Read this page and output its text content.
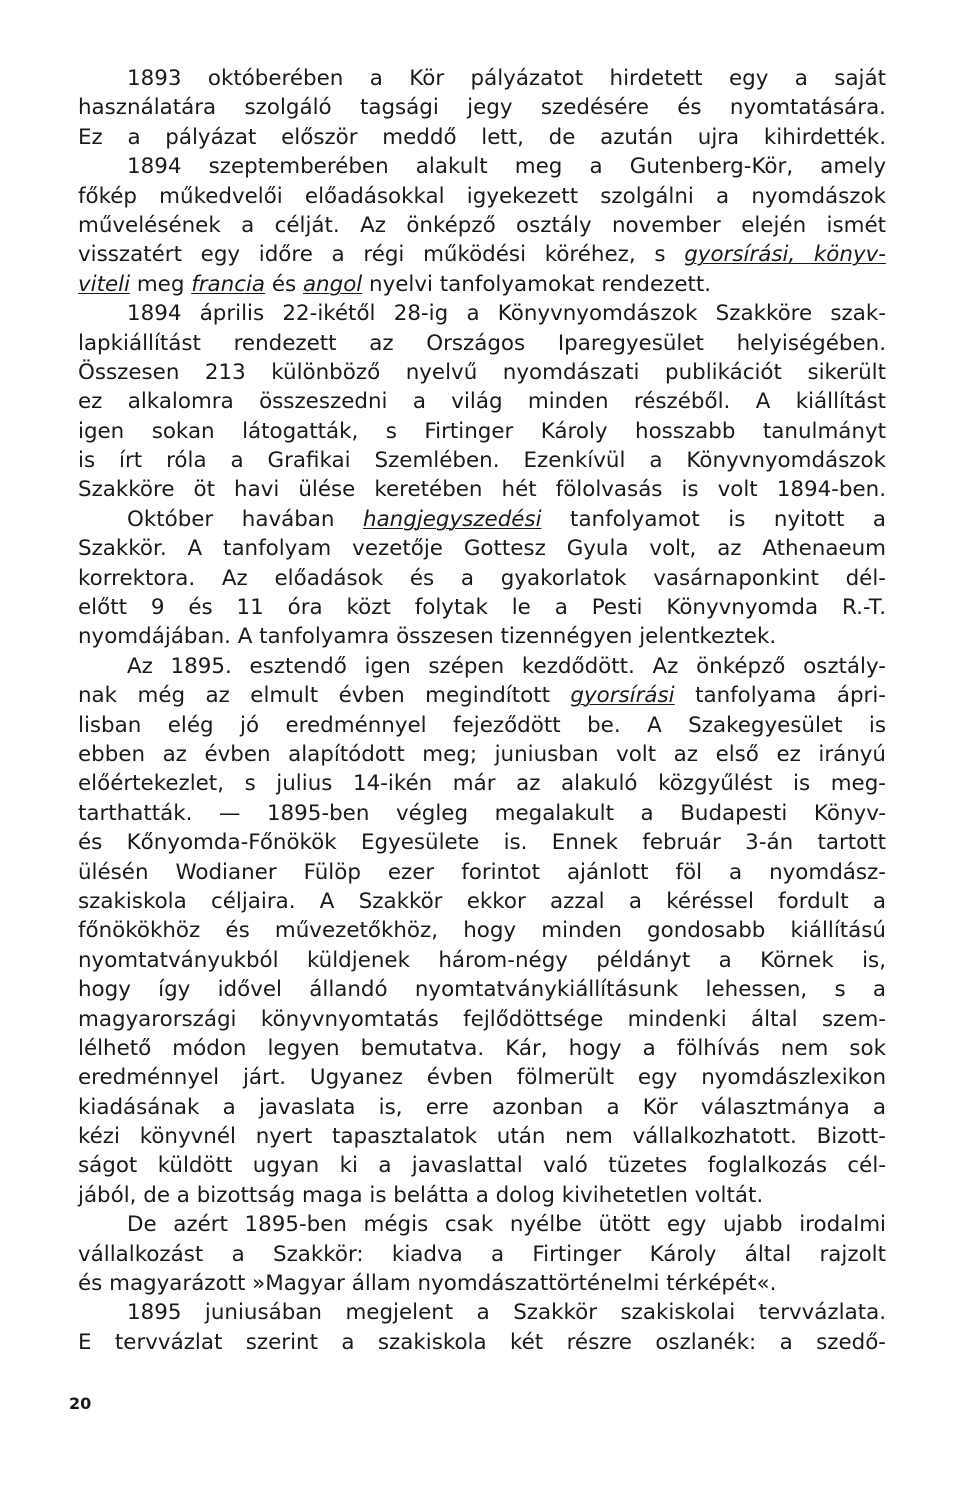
1893 októberében a Kör pályázatot hirdetett egy a saját
használatára szolgáló tagsági jegy szedésére és nyomtatására.
Ez a pályázat először meddő lett, de azután ujra kihirdették.
1894 szeptemberében alakult meg a Gutenberg-Kör, amely
főkép műkedvelői előadásokkal igyekezett szolgálni a nyomdászok
művelésének a célját. Az önképző osztály november elején ismét
visszatért egy időre a régi működési köréhez, s gyorsírási, könyv-
viteli meg francia és angol nyelvi tanfolyamokat rendezett.
1894 április 22-ikétől 28-ig a Könyvnyomdászok Szakköre szak-
lapkiállítást rendezett az Országos Iparegyesület helyiségében.
Összesen 213 különböző nyelvű nyomdászati publikációt sikerült
ez alkalomra összeszedni a világ minden részéből. A kiállítást
igen sokan látogatták, s Firtinger Károly hosszabb tanulmányt
is írt róla a Grafikai Szemlében. Ezenkívül a Könyvnyomdászok
Szakköre öt havi ülése keretében hét fölolvasás is volt 1894-ben.
Október havában hangjegyszedési tanfolyamot is nyitott a
Szakkör. A tanfolyam vezetője Gottesz Gyula volt, az Athenaeum
korrektora. Az előadások és a gyakorlatok vasárnaponkint dél-
előtt 9 és 11 óra közt folytak le a Pesti Könyvnyomda R.-T.
nyomdájában. A tanfolyamra összesen tizennégyen jelentkeztek.
Az 1895. esztendő igen szépen kezdődött. Az önképző osztály-
nak még az elmult évben megindított gyorsírási tanfolyama ápri-
lisban elég jó eredménnyel fejeződött be. A Szakegyesület is
ebben az évben alapítódott meg; juniusban volt az első ez irányú
előértekezlet, s julius 14-ikén már az alakuló közgyűlést is meg-
tarthatták. — 1895-ben végleg megalakult a Budapesti Könyv-
és Kőnyomda-Főnökök Egyesülete is. Ennek február 3-án tartott
ülésén Wodianer Fülöp ezer forintot ajánlott föl a nyomdász-
szakiskola céljaira. A Szakkör ekkor azzal a kéréssel fordult a
főnökökhöz és művezetőkhöz, hogy minden gondosabb kiállítású
nyomtatványukból küldjenek három-négy példányt a Körnek is,
hogy így idővel állandó nyomtatványkiállításunk lehessen, s a
magyarországi könyvnyomtatás fejlődöttsége mindenki által szem-
lélhető módon legyen bemutatva. Kár, hogy a fölhívás nem sok
eredménnyel járt. Ugyanez évben fölmerült egy nyomdászlexikon
kiadásának a javaslata is, erre azonban a Kör választmánya a
kézi könyvnél nyert tapasztalatok után nem vállalkozhatott. Bizott-
ságot küldött ugyan ki a javaslattal való tüzetes foglalkozás cél-
jából, de a bizottság maga is belátta a dolog kivihetetlen voltát.
De azért 1895-ben mégis csak nyélbe ütött egy ujabb irodalmi
vállalkozást a Szakkör: kiadva a Firtinger Károly által rajzolt
és magyarázott »Magyar állam nyomdászattörténelmi térképét«.
1895 juniusában megjelent a Szakkör szakiskolai tervvázlata.
E tervvázlat szerint a szakiskola két részre oszlanék: a szedő-
20
